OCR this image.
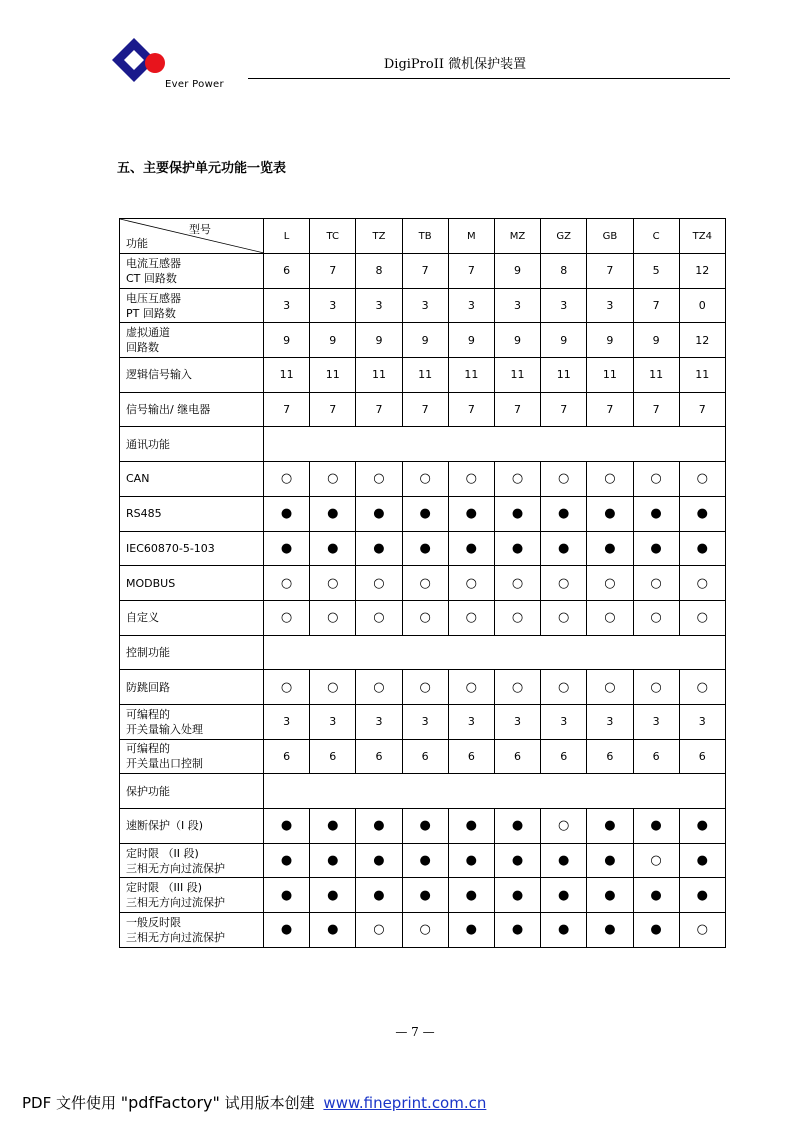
Ever Power
DigiProII 微机保护装置
五、主要保护单元功能一览表
型号
功能	L	TC	TZ	TB	M	MZ	GZ	GB	C	TZ4

电流互感器
CT 回路数	6	7	8	7	7	9	8	7	5	12

电压互感器
PT 回路数	3	3	3	3	3	3	3	3	7	0

虚拟通道
回路数	9	9	9	9	9	9	9	9	9	12

逻辑信号输入	11	11	11	11	11	11	11	11	11	11

信号输出/ 继电器	7	7	7	7	7	7	7	7	7	7

通讯功能										

CAN	○	○	○	○	○	○	○	○	○	○

RS485	●	●	●	●	●	●	●	●	●	●

IEC60870-5-103	●	●	●	●	●	●	●	●	●	●

MODBUS	○	○	○	○	○	○	○	○	○	○

自定义	○	○	○	○	○	○	○	○	○	○

控制功能										

防跳回路	○	○	○	○	○	○	○	○	○	○

可编程的
开关量输入处理	3	3	3	3	3	3	3	3	3	3

可编程的
开关量出口控制	6	6	6	6	6	6	6	6	6	6

保护功能										

速断保护（I 段)	●	●	●	●	●	●	○	●	●	●

定时限 （II 段)
三相无方向过流保护	●	●	●	●	●	●	●	●	○	●

定时限 （III 段)
三相无方向过流保护	●	●	●	●	●	●	●	●	●	●

一般反时限
三相无方向过流保护	●	●	○	○	●	●	●	●	●	○
— 7 —
PDF 文件使用 "pdfFactory" 试用版本创建 www.fineprint.com.cn
